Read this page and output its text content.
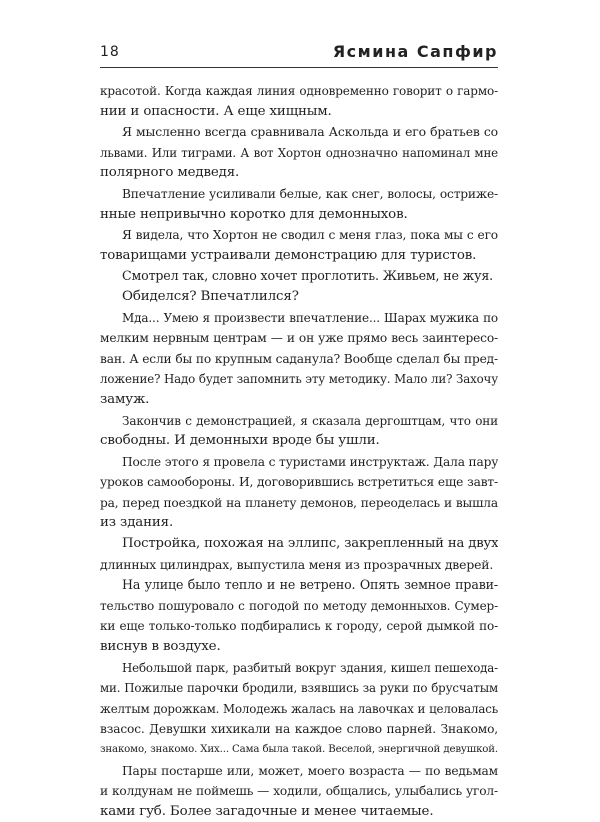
18	Ясмина Сапфир
красотой. Когда каждая линия одновременно говорит о гармо-
нии и опасности. А еще хищным.
Я мысленно всегда сравнивала Аскольда и его братьев со
львами. Или тиграми. А вот Хортон однозначно напоминал мне
полярного медведя.
Впечатление усиливали белые, как снег, волосы, остриже-
нные непривычно коротко для демонныхов.
Я видела, что Хортон не сводил с меня глаз, пока мы с его
товарищами устраивали демонстрацию для туристов.
Смотрел так, словно хочет проглотить. Живьем, не жуя.
Обиделся? Впечатлился?
Мда... Умею я произвести впечатление... Шарах мужика по
мелким нервным центрам — и он уже прямо весь заинтересо-
ван. А если бы по крупным саданула? Вообще сделал бы пред-
ложение? Надо будет запомнить эту методику. Мало ли? Захочу
замуж.
Закончив с демонстрацией, я сказала дергоштцам, что они
свободны. И демонныхи вроде бы ушли.
После этого я провела с туристами инструктаж. Дала пару
уроков самообороны. И, договорившись встретиться еще завт-
ра, перед поездкой на планету демонов, переоделась и вышла
из здания.
Постройка, похожая на эллипс, закрепленный на двух
длинных цилиндрах, выпустила меня из прозрачных дверей.
На улице было тепло и не ветрено. Опять земное прави-
тельство пошуровало с погодой по методу демонныхов. Сумер-
ки еще только-только подбирались к городу, серой дымкой по-
виснув в воздухе.
Небольшой парк, разбитый вокруг здания, кишел пешехода-
ми. Пожилые парочки бродили, взявшись за руки по брусчатым
желтым дорожкам. Молодежь жалась на лавочках и целовалась
взасос. Девушки хихикали на каждое слово парней. Знакомо,
знакомо, знакомо. Хих... Сама была такой. Веселой, энергичной девушкой.
Пары постарше или, может, моего возраста — по ведьмам
и колдунам не поймешь — ходили, общались, улыбались угол-
ками губ. Более загадочные и менее читаемые.
